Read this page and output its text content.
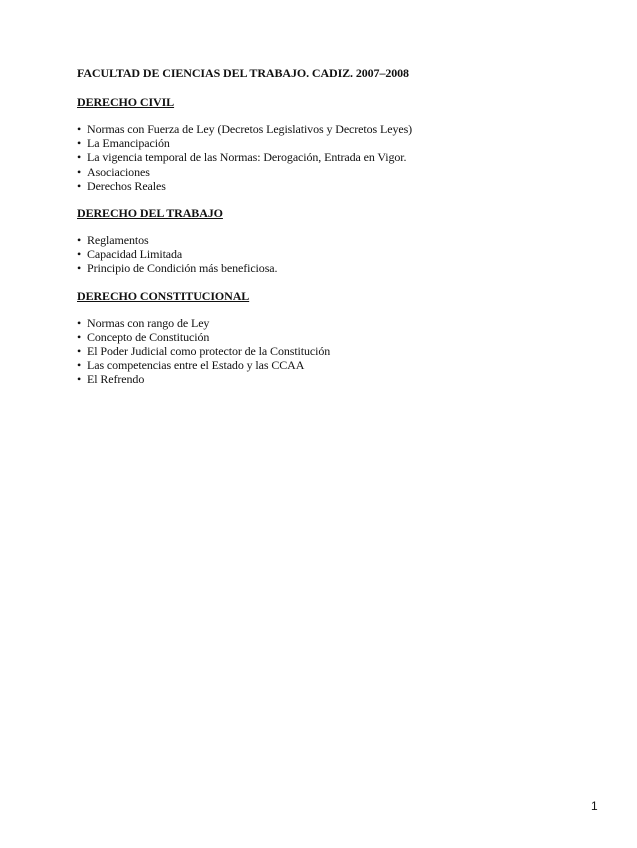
FACULTAD DE CIENCIAS DEL TRABAJO. CADIZ. 2007–2008
DERECHO CIVIL
• Normas con Fuerza de Ley (Decretos Legislativos y Decretos Leyes)
• La Emancipación
• La vigencia temporal de las Normas: Derogación, Entrada en Vigor.
• Asociaciones
• Derechos Reales
DERECHO DEL TRABAJO
• Reglamentos
• Capacidad Limitada
• Principio de Condición más beneficiosa.
DERECHO CONSTITUCIONAL
• Normas con rango de Ley
• Concepto de Constitución
• El Poder Judicial como protector de la Constitución
• Las competencias entre el Estado y las CCAA
• El Refrendo
1
